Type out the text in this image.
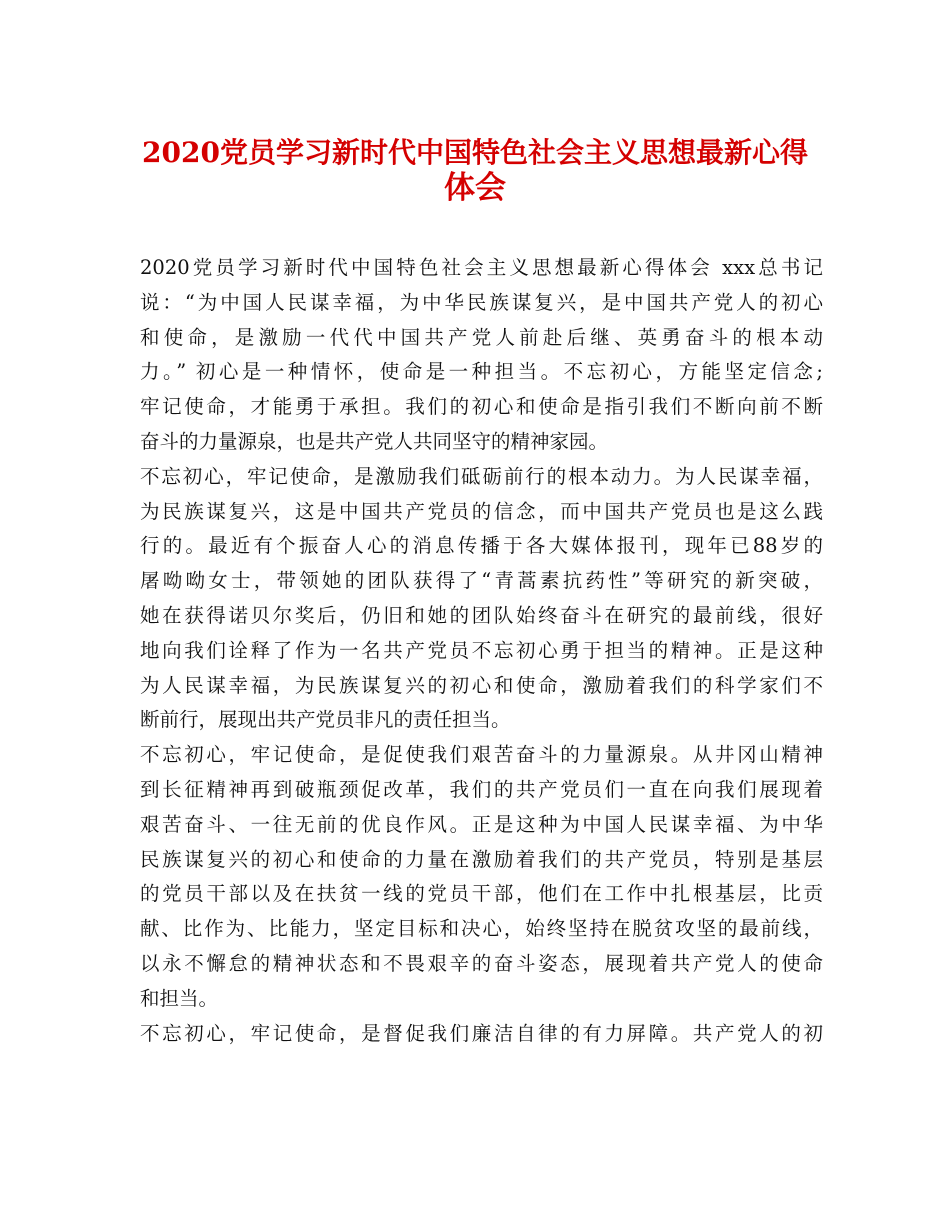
2020党员学习新时代中国特色社会主义思想最新心得
体会
2020党员学习新时代中国特色社会主义思想最新心得体会 xxx总书记
说：“为中国人民谋幸福，为中华民族谋复兴，是中国共产党人的初心
和使命，是激励一代代中国共产党人前赴后继、英勇奋斗的根本动
力。” 初心是一种情怀，使命是一种担当。不忘初心，方能坚定信念;
牢记使命，才能勇于承担。我们的初心和使命是指引我们不断向前不断
奋斗的力量源泉，也是共产党人共同坚守的精神家园。
不忘初心，牢记使命，是激励我们砥砺前行的根本动力。为人民谋幸福，
为民族谋复兴，这是中国共产党员的信念，而中国共产党员也是这么践
行的。最近有个振奋人心的消息传播于各大媒体报刊，现年已88岁的
屠呦呦女士，带领她的团队获得了“青蒿素抗药性”等研究的新突破，
她在获得诺贝尔奖后，仍旧和她的团队始终奋斗在研究的最前线，很好
地向我们诠释了作为一名共产党员不忘初心勇于担当的精神。正是这种
为人民谋幸福，为民族谋复兴的初心和使命，激励着我们的科学家们不
断前行，展现出共产党员非凡的责任担当。
不忘初心，牢记使命，是促使我们艰苦奋斗的力量源泉。从井冈山精神
到长征精神再到破瓶颈促改革，我们的共产党员们一直在向我们展现着
艰苦奋斗、一往无前的优良作风。正是这种为中国人民谋幸福、为中华
民族谋复兴的初心和使命的力量在激励着我们的共产党员，特别是基层
的党员干部以及在扶贫一线的党员干部，他们在工作中扎根基层，比贡
献、比作为、比能力，坚定目标和决心，始终坚持在脱贫攻坚的最前线，
以永不懈怠的精神状态和不畏艰辛的奋斗姿态，展现着共产党人的使命
和担当。
不忘初心，牢记使命，是督促我们廉洁自律的有力屏障。共产党人的初
